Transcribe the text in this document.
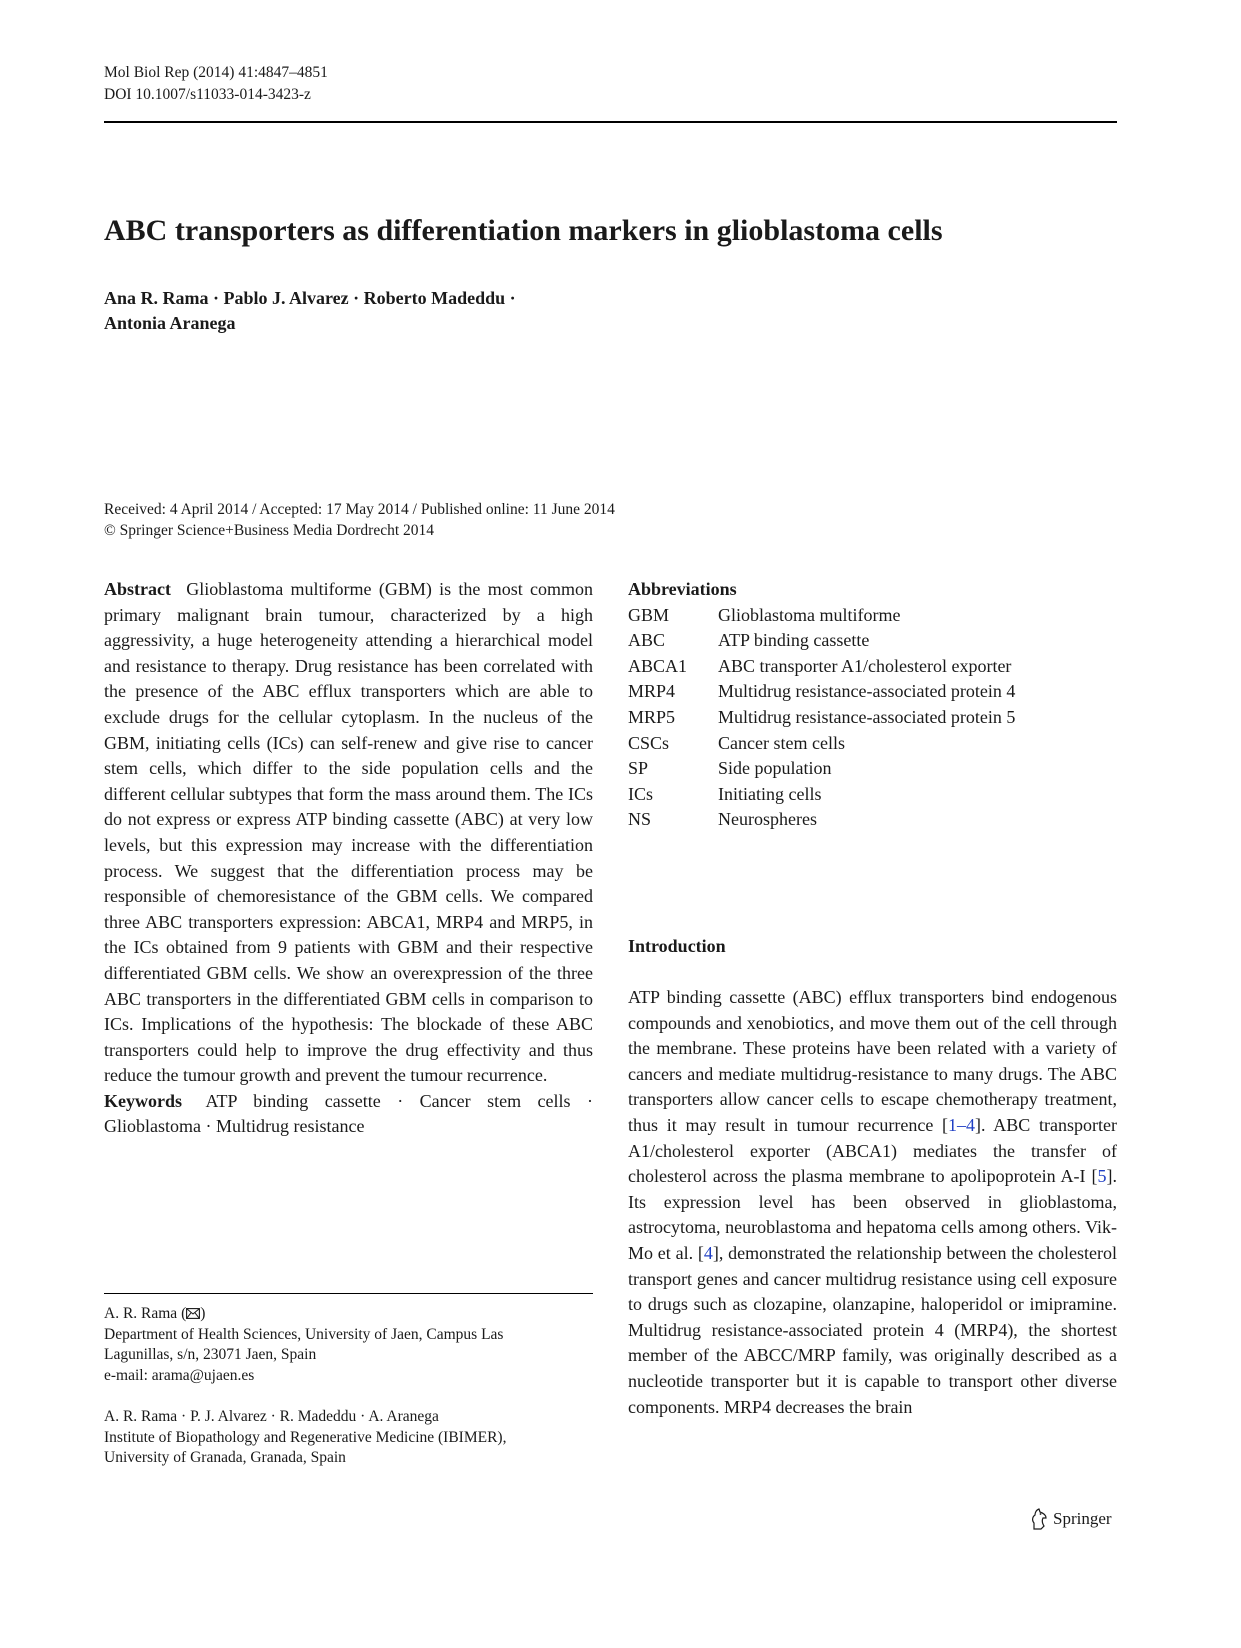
Mol Biol Rep (2014) 41:4847–4851
DOI 10.1007/s11033-014-3423-z
ABC transporters as differentiation markers in glioblastoma cells
Ana R. Rama · Pablo J. Alvarez · Roberto Madeddu ·
Antonia Aranega
Received: 4 April 2014 / Accepted: 17 May 2014 / Published online: 11 June 2014
© Springer Science+Business Media Dordrecht 2014

Abstract Glioblastoma multiforme (GBM) is the most common primary malignant brain tumour, characterized by a high aggressivity, a huge heterogeneity attending a hierarchical model and resistance to therapy. Drug resistance has been correlated with the presence of the ABC efflux transporters which are able to exclude drugs for the cellular cytoplasm. In the nucleus of the GBM, initiating cells (ICs) can self-renew and give rise to cancer stem cells, which differ to the side population cells and the different cellular subtypes that form the mass around them. The ICs do not express or express ATP binding cassette (ABC) at very low levels, but this expression may increase with the differentiation process. We suggest that the differentiation process may be responsible of chemoresistance of the GBM cells. We compared three ABC transporters expression: ABCA1, MRP4 and MRP5, in the ICs obtained from 9 patients with GBM and their respective differentiated GBM cells. We show an overexpression of the three ABC transporters in the differentiated GBM cells in comparison to ICs. Implications of the hypothesis: The blockade of these ABC transporters could help to improve the drug effectivity and thus reduce the tumour growth and prevent the tumour recurrence.

Keywords ATP binding cassette · Cancer stem cells · Glioblastoma · Multidrug resistance

A. R. Rama ( )
Department of Health Sciences, University of Jaen, Campus Las
Lagunillas, s/n, 23071 Jaen, Spain
e-mail: arama@ujaen.es
A. R. Rama · P. J. Alvarez · R. Madeddu · A. Aranega
Institute of Biopathology and Regenerative Medicine (IBIMER),
University of Granada, Granada, Spain
Abbreviations
GBM	Glioblastoma multiforme
ABC	ATP binding cassette
ABCA1	ABC transporter A1/cholesterol exporter
MRP4	Multidrug resistance-associated protein 4
MRP5	Multidrug resistance-associated protein 5
CSCs	Cancer stem cells
SP	Side population
ICs	Initiating cells
NS	Neurospheres
Introduction

ATP binding cassette (ABC) efflux transporters bind endogenous compounds and xenobiotics, and move them out of the cell through the membrane. These proteins have been related with a variety of cancers and mediate multidrug-resistance to many drugs. The ABC transporters allow cancer cells to escape chemotherapy treatment, thus it may result in tumour recurrence [1–4]. ABC transporter A1/cholesterol exporter (ABCA1) mediates the transfer of cholesterol across the plasma membrane to apolipoprotein A-I [5]. Its expression level has been observed in glioblastoma, astrocytoma, neuroblastoma and hepatoma cells among others. Vik-Mo et al. [4], demonstrated the relationship between the cholesterol transport genes and cancer multidrug resistance using cell exposure to drugs such as clozapine, olanzapine, haloperidol or imipramine. Multidrug resistance-associated protein 4 (MRP4), the shortest member of the ABCC/MRP family, was originally described as a nucleotide transporter but it is capable to transport other diverse components. MRP4 decreases the brain

Springer
